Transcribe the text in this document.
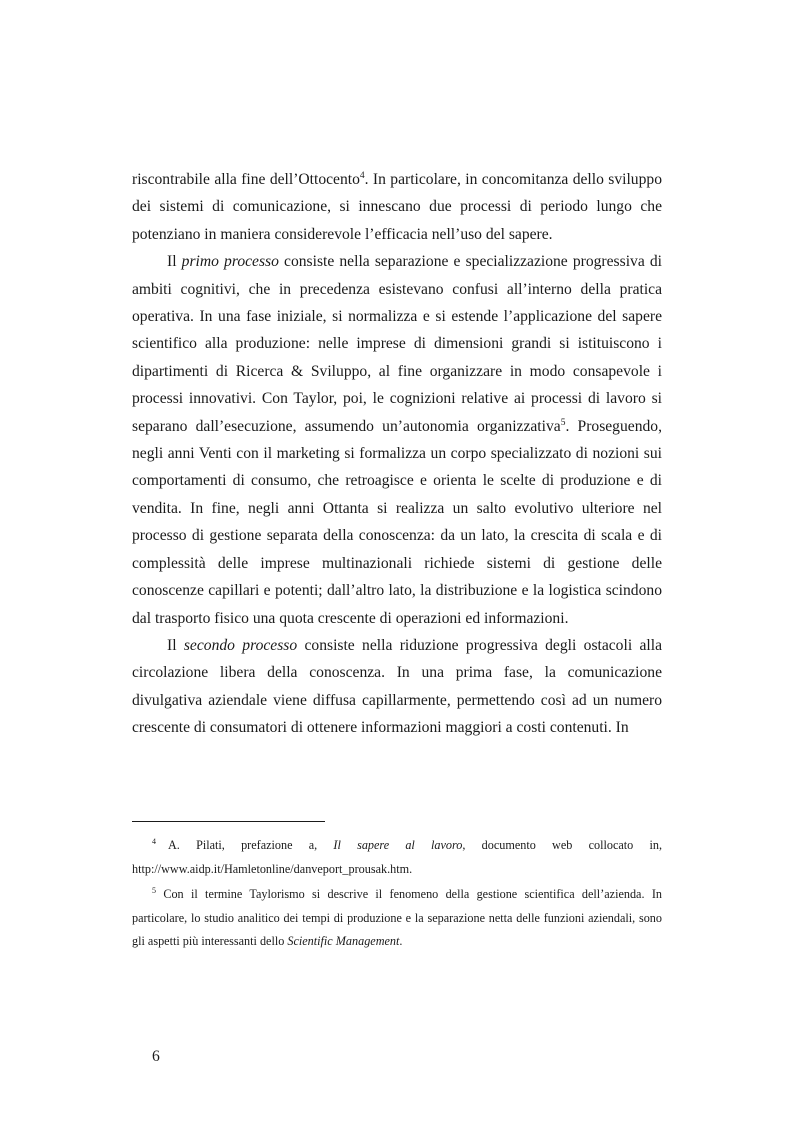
riscontrabile alla fine dell’Ottocento$^4$. In particolare, in concomitanza dello sviluppo dei sistemi di comunicazione, si innescano due processi di periodo lungo che potenziano in maniera considerevole l’efficacia nell’uso del sapere.

Il primo processo consiste nella separazione e specializzazione progressiva di ambiti cognitivi, che in precedenza esistevano confusi all’interno della pratica operativa. In una fase iniziale, si normalizza e si estende l’applicazione del sapere scientifico alla produzione: nelle imprese di dimensioni grandi si istituiscono i dipartimenti di Ricerca & Sviluppo, al fine organizzare in modo consapevole i processi innovativi. Con Taylor, poi, le cognizioni relative ai processi di lavoro si separano dall’esecuzione, assumendo un’autonomia organizzativa$^5$. Proseguendo, negli anni Venti con il marketing si formalizza un corpo specializzato di nozioni sui comportamenti di consumo, che retroagisce e orienta le scelte di produzione e di vendita. In fine, negli anni Ottanta si realizza un salto evolutivo ulteriore nel processo di gestione separata della conoscenza: da un lato, la crescita di scala e di complessità delle imprese multinazionali richiede sistemi di gestione delle conoscenze capillari e potenti; dall’altro lato, la distribuzione e la logistica scindono dal trasporto fisico una quota crescente di operazioni ed informazioni.

Il secondo processo consiste nella riduzione progressiva degli ostacoli alla circolazione libera della conoscenza. In una prima fase, la comunicazione divulgativa aziendale viene diffusa capillarmente, permettendo così ad un numero crescente di consumatori di ottenere informazioni maggiori a costi contenuti. In

$^4$ A. Pilati, prefazione a, Il sapere al lavoro, documento web collocato in, http://www.aidp.it/Hamletonline/danveport_prousak.htm.

$^5$ Con il termine Taylorismo si descrive il fenomeno della gestione scientifica dell’azienda. In particolare, lo studio analitico dei tempi di produzione e la separazione netta delle funzioni aziendali, sono gli aspetti più interessanti dello Scientific Management.

6
